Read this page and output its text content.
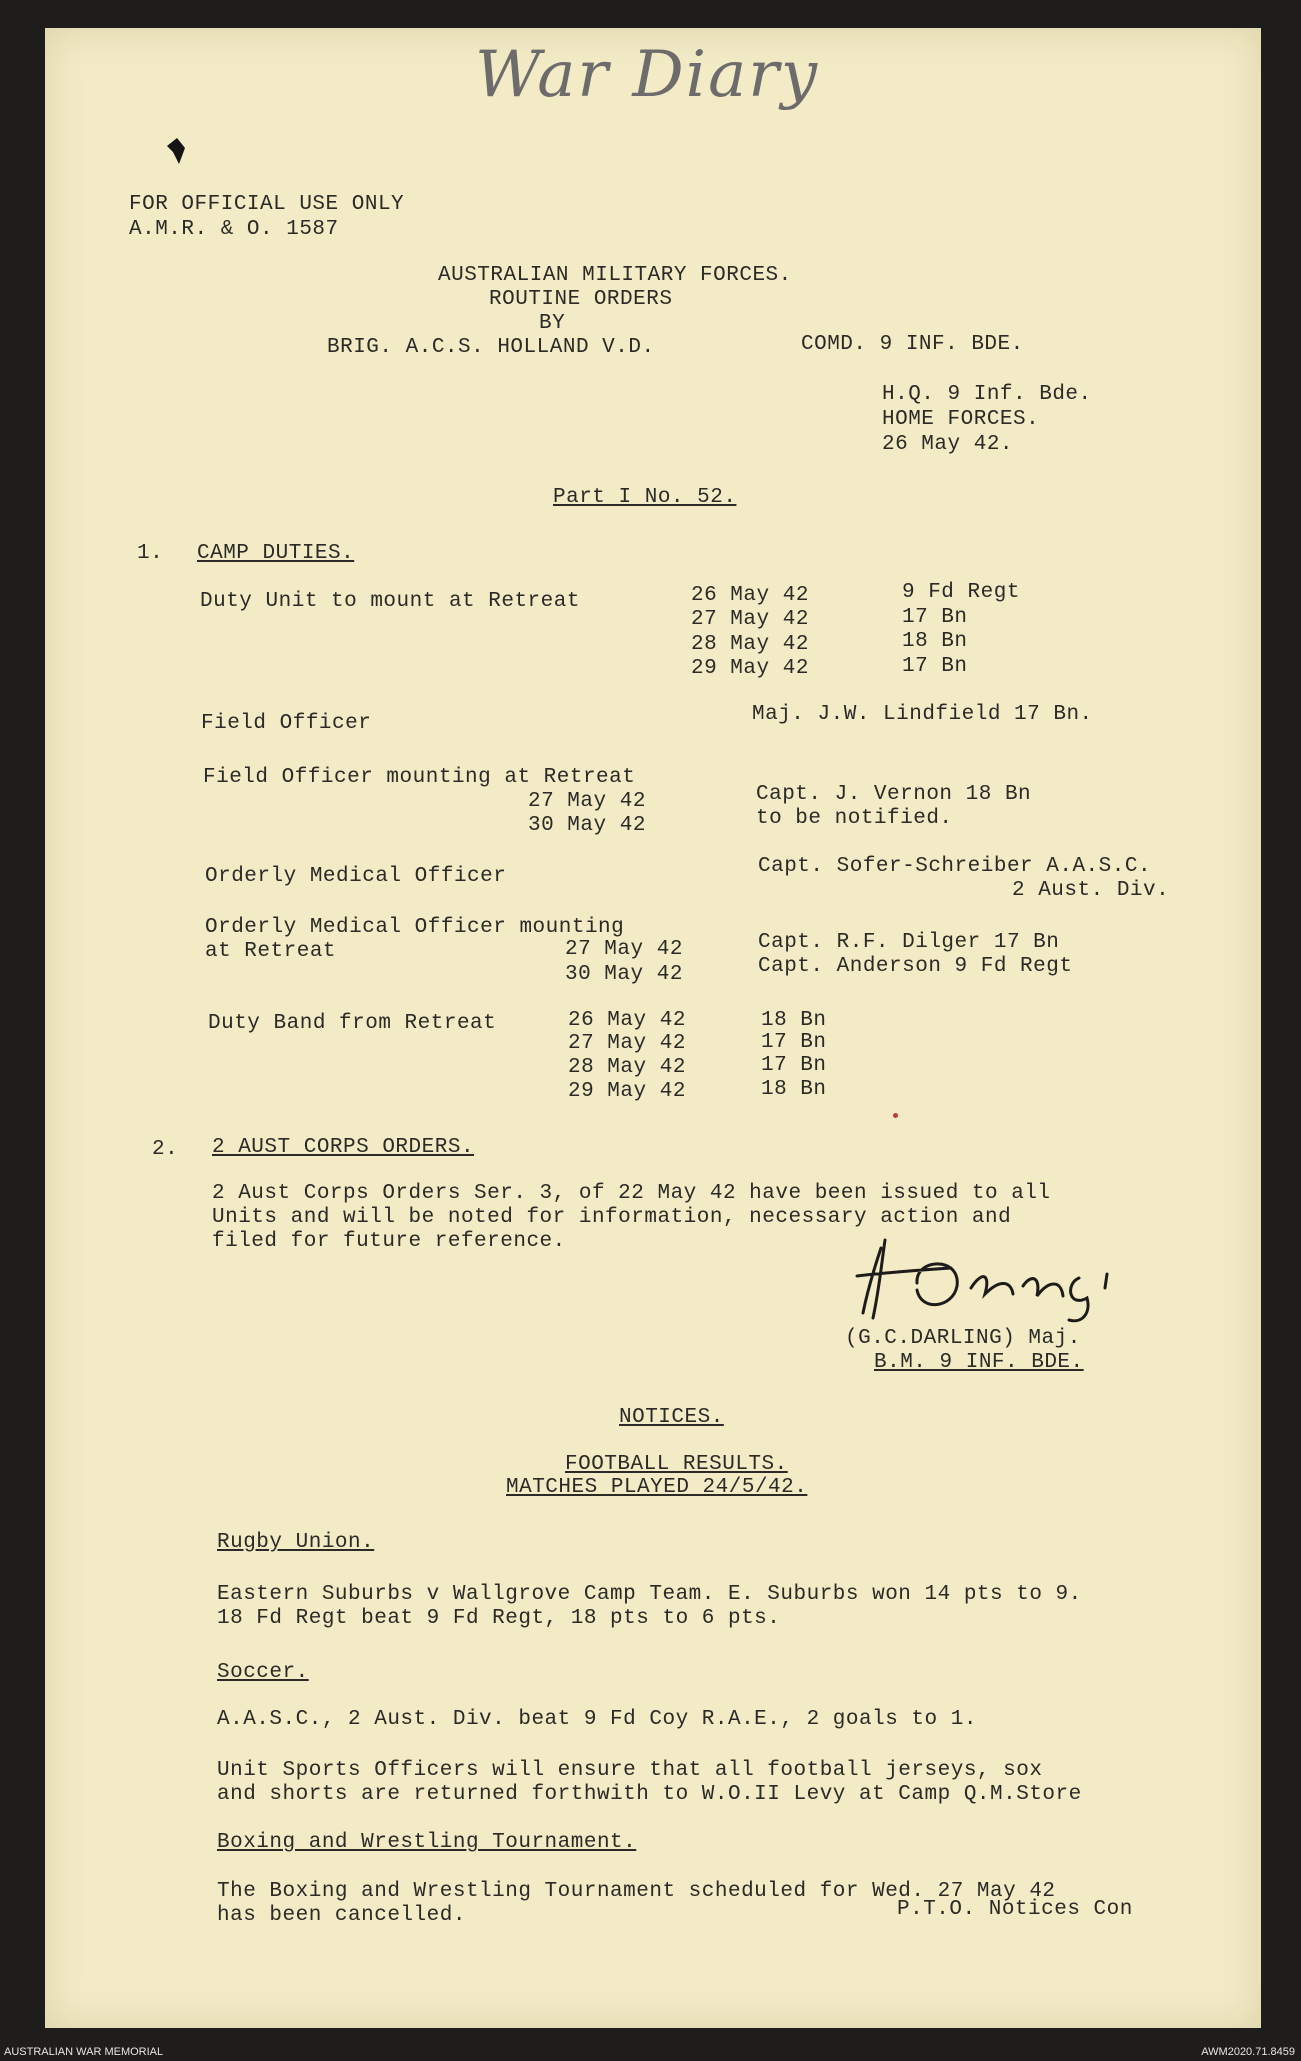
War Diary
FOR OFFICIAL USE ONLY
A.M.R. & O. 1587
AUSTRALIAN MILITARY FORCES.
ROUTINE ORDERS
BY
BRIG. A.C.S. HOLLAND V.D.	COMD. 9 INF. BDE.
H.Q. 9 Inf. Bde.
HOME FORCES.
26 May 42.
Part I No. 52.
1. CAMP DUTIES.
Duty Unit to mount at Retreat	26 May 42	9 Fd Regt
27 May 42	17 Bn
28 May 42	18 Bn
29 May 42	17 Bn
Field Officer	Maj. J.W. Lindfield 17 Bn.
Field Officer mounting at Retreat
27 May 42	Capt. J. Vernon 18 Bn
30 May 42	to be notified.
Orderly Medical Officer	Capt. Sofer-Schreiber A.A.S.C.
2 Aust. Div.
Orderly Medical Officer mounting
at Retreat	27 May 42	Capt. R.F. Dilger 17 Bn
30 May 42	Capt. Anderson 9 Fd Regt
Duty Band from Retreat	26 May 42	18 Bn
27 May 42	17 Bn
28 May 42	17 Bn
29 May 42	18 Bn
2. 2 AUST CORPS ORDERS.
2 Aust Corps Orders Ser. 3, of 22 May 42 have been issued to all
Units and will be noted for information, necessary action and
filed for future reference.
(G.C.DARLING) Maj.
B.M. 9 INF. BDE.
NOTICES.
FOOTBALL RESULTS.
MATCHES PLAYED 24/5/42.
Rugby Union.
Eastern Suburbs v Wallgrove Camp Team. E. Suburbs won 14 pts to 9.
18 Fd Regt beat 9 Fd Regt, 18 pts to 6 pts.
Soccer.
A.A.S.C., 2 Aust. Div. beat 9 Fd Coy R.A.E., 2 goals to 1.
Unit Sports Officers will ensure that all football jerseys, sox
and shorts are returned forthwith to W.O.II Levy at Camp Q.M.Store
Boxing and Wrestling Tournament.
The Boxing and Wrestling Tournament scheduled for Wed. 27 May 42
has been cancelled.	P.T.O. Notices Con
AUSTRALIAN WAR MEMORIAL	AWM2020.71.8459
